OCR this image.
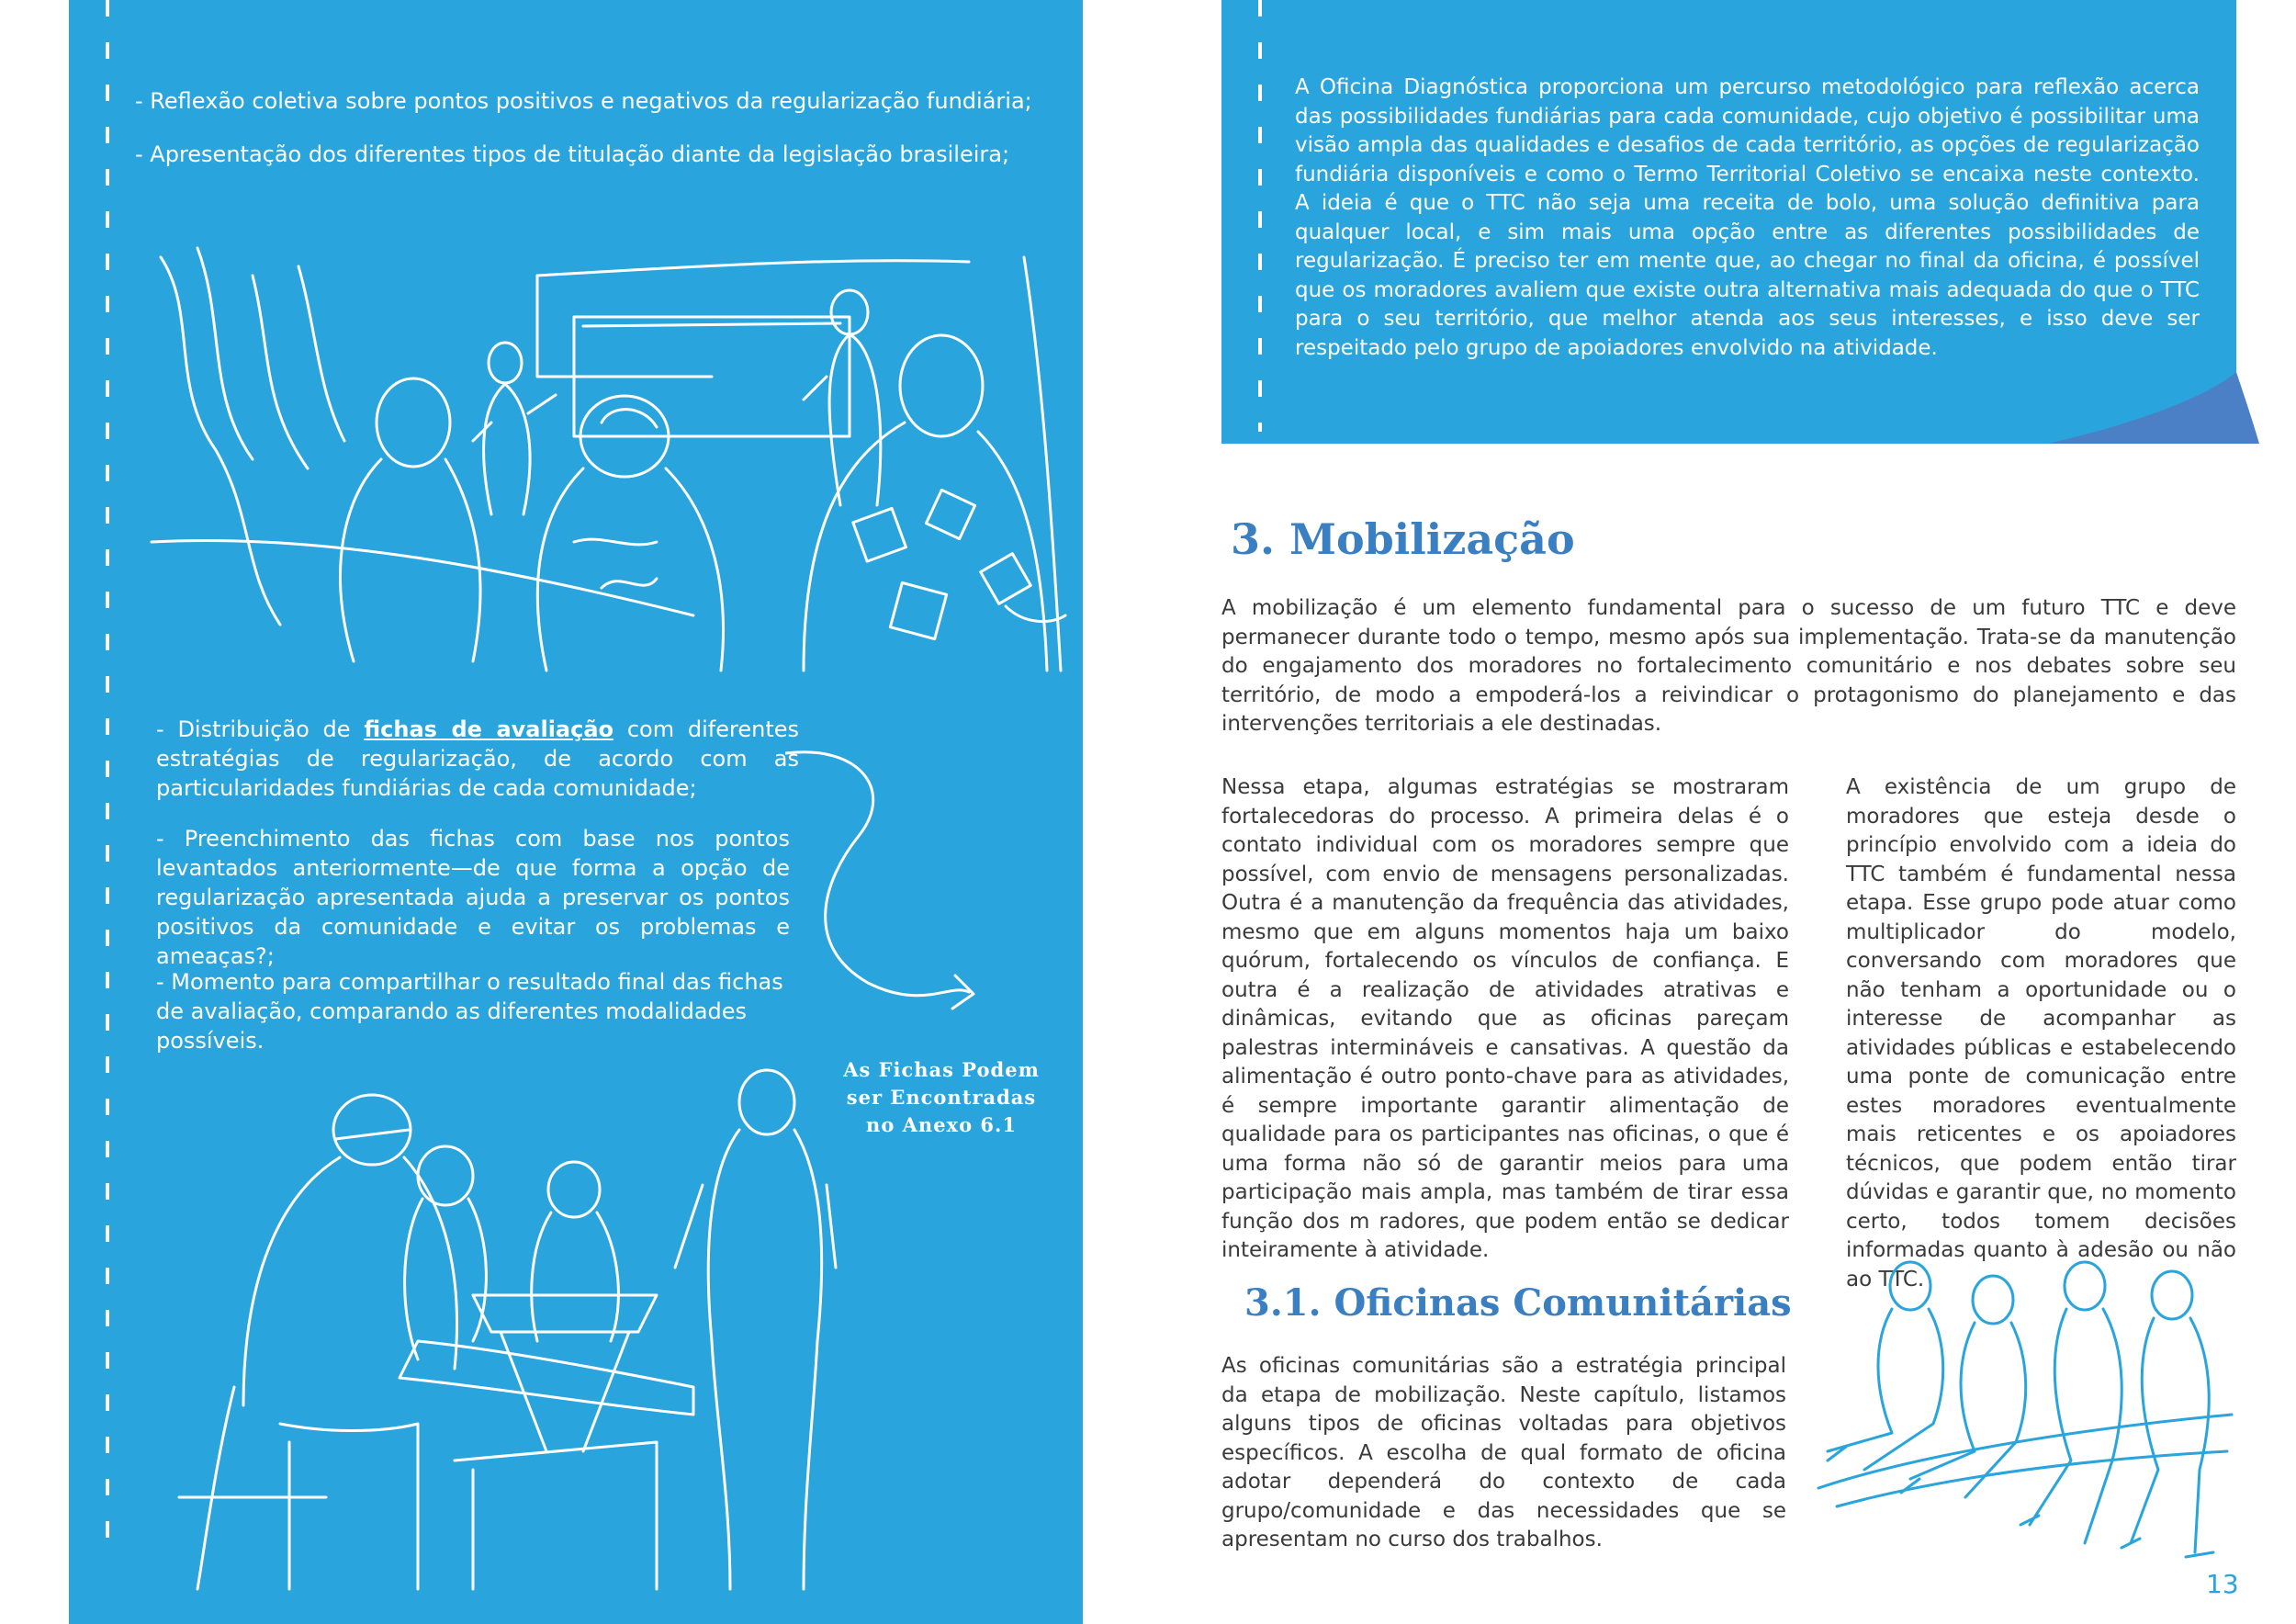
- Reflexão coletiva sobre pontos positivos e negativos da regularização fundiária;
- Apresentação dos diferentes tipos de titulação diante da legislação brasileira;
- Distribuição de fichas de avaliação com diferentes estratégias de regularização, de acordo com as particularidades fundiárias de cada comunidade;
- Preenchimento das fichas com base nos pontos levantados anteriormente—de que forma a opção de regularização apresentada ajuda a preservar os pontos positivos da comunidade e evitar os problemas e ameaças?;
- Momento para compartilhar o resultado final das fichas de avaliação, comparando as diferentes modalidades possíveis.
As Fichas Podem
ser Encontradas
no Anexo 6.1
A Oficina Diagnóstica proporciona um percurso metodológico para reflexão acerca das possibilidades fundiárias para cada comunidade, cujo objetivo é possibilitar uma visão ampla das qualidades e desafios de cada território, as opções de regularização fundiária disponíveis e como o Termo Territorial Coletivo se encaixa neste contexto. A ideia é que o TTC não seja uma receita de bolo, uma solução definitiva para qualquer local, e sim mais uma opção entre as diferentes possibilidades de regularização. É preciso ter em mente que, ao chegar no final da oficina, é possível que os moradores avaliem que existe outra alternativa mais adequada do que o TTC para o seu território, que melhor atenda aos seus interesses, e isso deve ser respeitado pelo grupo de apoiadores envolvido na atividade.
3. Mobilização
A mobilização é um elemento fundamental para o sucesso de um futuro TTC e deve permanecer durante todo o tempo, mesmo após sua implementação. Trata-se da manutenção do engajamento dos moradores no fortalecimento comunitário e nos debates sobre seu território, de modo a empoderá-los a reivindicar o protagonismo do planejamento e das intervenções territoriais a ele destinadas.
Nessa etapa, algumas estratégias se mostraram fortalecedoras do processo. A primeira delas é o contato individual com os moradores sempre que possível, com envio de mensagens personalizadas. Outra é a manutenção da frequência das atividades, mesmo que em alguns momentos haja um baixo quórum, fortalecendo os vínculos de confiança. E outra é a realização de atividades atrativas e dinâmicas, evitando que as oficinas pareçam palestras intermináveis e cansativas. A questão da alimentação é outro ponto-chave para as atividades, é sempre importante garantir alimentação de qualidade para os participantes nas oficinas, o que é uma forma não só de garantir meios para uma participação mais ampla, mas também de tirar essa função dos m radores, que podem então se dedicar inteiramente à atividade.
A existência de um grupo de moradores que esteja desde o princípio envolvido com a ideia do TTC também é fundamental nessa etapa. Esse grupo pode atuar como multiplicador do modelo, conversando com moradores que não tenham a oportunidade ou o interesse de acompanhar as atividades públicas e estabelecendo uma ponte de comunicação entre estes moradores eventualmente mais reticentes e os apoiadores técnicos, que podem então tirar dúvidas e garantir que, no momento certo, todos tomem decisões informadas quanto à adesão ou não ao TTC.
3.1. Oficinas Comunitárias
As oficinas comunitárias são a estratégia principal da etapa de mobilização. Neste capítulo, listamos alguns tipos de oficinas voltadas para objetivos específicos. A escolha de qual formato de oficina adotar dependerá do contexto de cada grupo/comunidade e das necessidades que se apresentam no curso dos trabalhos.
13
